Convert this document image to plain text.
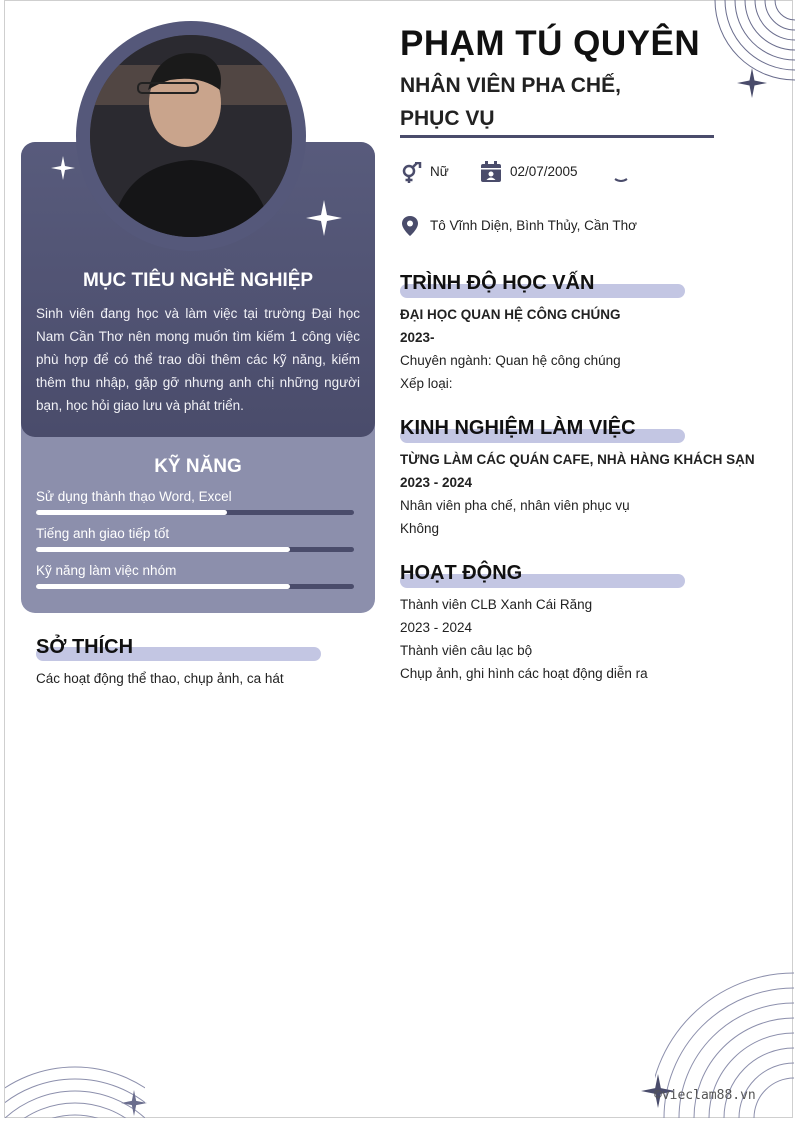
MỤC TIÊU NGHỀ NGHIỆP
Sinh viên đang học và làm việc tại trường Đại học Nam Cần Thơ nên mong muốn tìm kiếm 1 công việc phù hợp để có thể trao dồi thêm các kỹ năng, kiếm thêm thu nhập, gặp gỡ nhưng anh chị những người bạn, học hỏi giao lưu và phát triển.
KỸ NĂNG
Sử dụng thành thạo Word, Excel
Tiếng anh giao tiếp tốt
Kỹ năng làm việc nhóm
SỞ THÍCH
Các hoạt động thể thao, chụp ảnh, ca hát
PHẠM TÚ QUYÊN
NHÂN VIÊN PHA CHẾ,
PHỤC VỤ
Nữ	02/07/2005
Tô Vĩnh Diện, Bình Thủy, Cần Thơ
TRÌNH ĐỘ HỌC VẤN
ĐẠI HỌC QUAN HỆ CÔNG CHÚNG
2023-
Chuyên ngành: Quan hệ công chúng
Xếp loại:
KINH NGHIỆM LÀM VIỆC
TỪNG LÀM CÁC QUÁN CAFE, NHÀ HÀNG KHÁCH SẠN
2023 - 2024
Nhân viên pha chế, nhân viên phục vụ
Không
HOẠT ĐỘNG
Thành viên CLB Xanh Cái Răng
2023 - 2024
Thành viên câu lạc bộ
Chụp ảnh, ghi hình các hoạt động diễn ra
©vieclam88.vn
